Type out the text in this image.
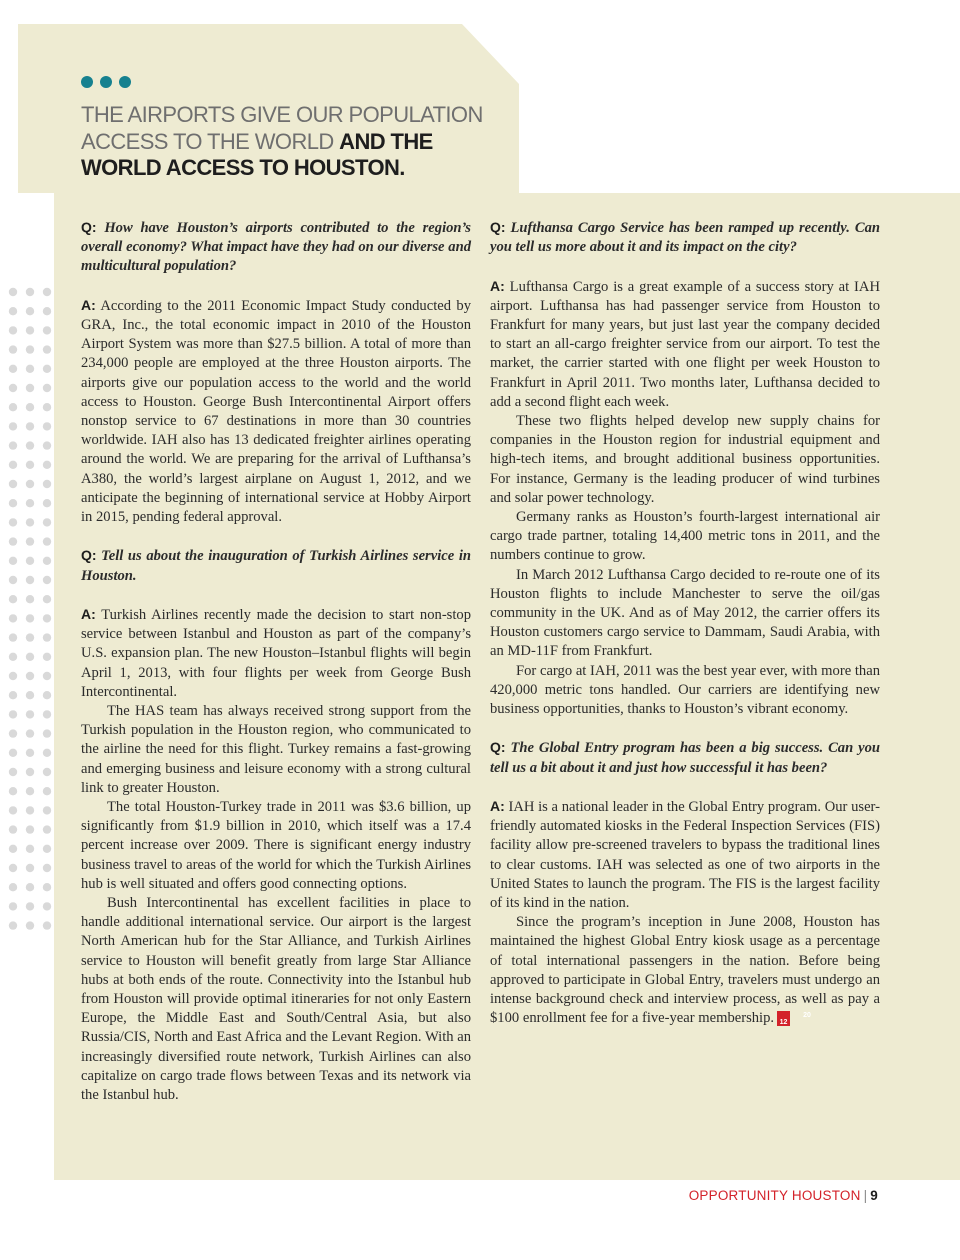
THE AIRPORTS GIVE OUR POPULATION ACCESS TO THE WORLD AND THE WORLD ACCESS TO HOUSTON.

Q: How have Houston’s airports contributed to the region’s overall economy? What impact have they had on our diverse and multicultural population?

A: According to the 2011 Economic Impact Study conducted by GRA, Inc., the total economic impact in 2010 of the Houston Airport System was more than $27.5 billion. A total of more than 234,000 people are employed at the three Houston airports. The airports give our population access to the world and the world access to Houston. George Bush Intercontinental Airport offers nonstop service to 67 destinations in more than 30 countries worldwide. IAH also has 13 dedicated freighter airlines operating around the world. We are preparing for the arrival of Lufthansa’s A380, the world’s largest airplane on August 1, 2012, and we anticipate the beginning of international service at Hobby Airport in 2015, pending federal approval.

Q: Tell us about the inauguration of Turkish Airlines service in Houston.

A: Turkish Airlines recently made the decision to start non-stop service between Istanbul and Houston as part of the company’s U.S. expansion plan. The new Houston–Istanbul flights will begin April 1, 2013, with four flights per week from George Bush Intercontinental.

The HAS team has always received strong support from the Turkish population in the Houston region, who communicated to the airline the need for this flight. Turkey remains a fast-growing and emerging business and leisure economy with a strong cultural link to greater Houston.

The total Houston-Turkey trade in 2011 was $3.6 billion, up significantly from $1.9 billion in 2010, which itself was a 17.4 percent increase over 2009. There is significant energy industry business travel to areas of the world for which the Turkish Airlines hub is well situated and offers good connecting options.

Bush Intercontinental has excellent facilities in place to handle additional international service. Our airport is the largest North American hub for the Star Alliance, and Turkish Airlines service to Houston will benefit greatly from large Star Alliance hubs at both ends of the route. Connectivity into the Istanbul hub from Houston will provide optimal itineraries for not only Eastern Europe, the Middle East and South/Central Asia, but also Russia/CIS, North and East Africa and the Levant Region. With an increasingly diversified route network, Turkish Airlines can also capitalize on cargo trade flows between Texas and its network via the Istanbul hub.

Q: Lufthansa Cargo Service has been ramped up recently. Can you tell us more about it and its impact on the city?

A: Lufthansa Cargo is a great example of a success story at IAH airport. Lufthansa has had passenger service from Houston to Frankfurt for many years, but just last year the company decided to start an all-cargo freighter service from our airport. To test the market, the carrier started with one flight per week Houston to Frankfurt in April 2011. Two months later, Lufthansa decided to add a second flight each week.

These two flights helped develop new supply chains for companies in the Houston region for industrial equipment and high-tech items, and brought additional business opportunities. For instance, Germany is the leading producer of wind turbines and solar power technology.

Germany ranks as Houston’s fourth-largest international air cargo trade partner, totaling 14,400 metric tons in 2011, and the numbers continue to grow.

In March 2012 Lufthansa Cargo decided to re-route one of its Houston flights to include Manchester to serve the oil/gas community in the UK. And as of May 2012, the carrier offers its Houston customers cargo service to Dammam, Saudi Arabia, with an MD-11F from Frankfurt.

For cargo at IAH, 2011 was the best year ever, with more than 420,000 metric tons handled. Our carriers are identifying new business opportunities, thanks to Houston’s vibrant economy.

Q: The Global Entry program has been a big success. Can you tell us a bit about it and just how successful it has been?

A: IAH is a national leader in the Global Entry program. Our user-friendly automated kiosks in the Federal Inspection Services (FIS) facility allow pre-screened travelers to bypass the traditional lines to clear customs. IAH was selected as one of two airports in the United States to launch the program. The FIS is the largest facility of its kind in the nation.

Since the program’s inception in June 2008, Houston has maintained the highest Global Entry kiosk usage as a percentage of total international passengers in the nation. Before being approved to participate in Global Entry, travelers must undergo an intense background check and interview process, as well as pay a $100 enrollment fee for a five-year membership.	20
12

OPPORTUNITY HOUSTON | 9
